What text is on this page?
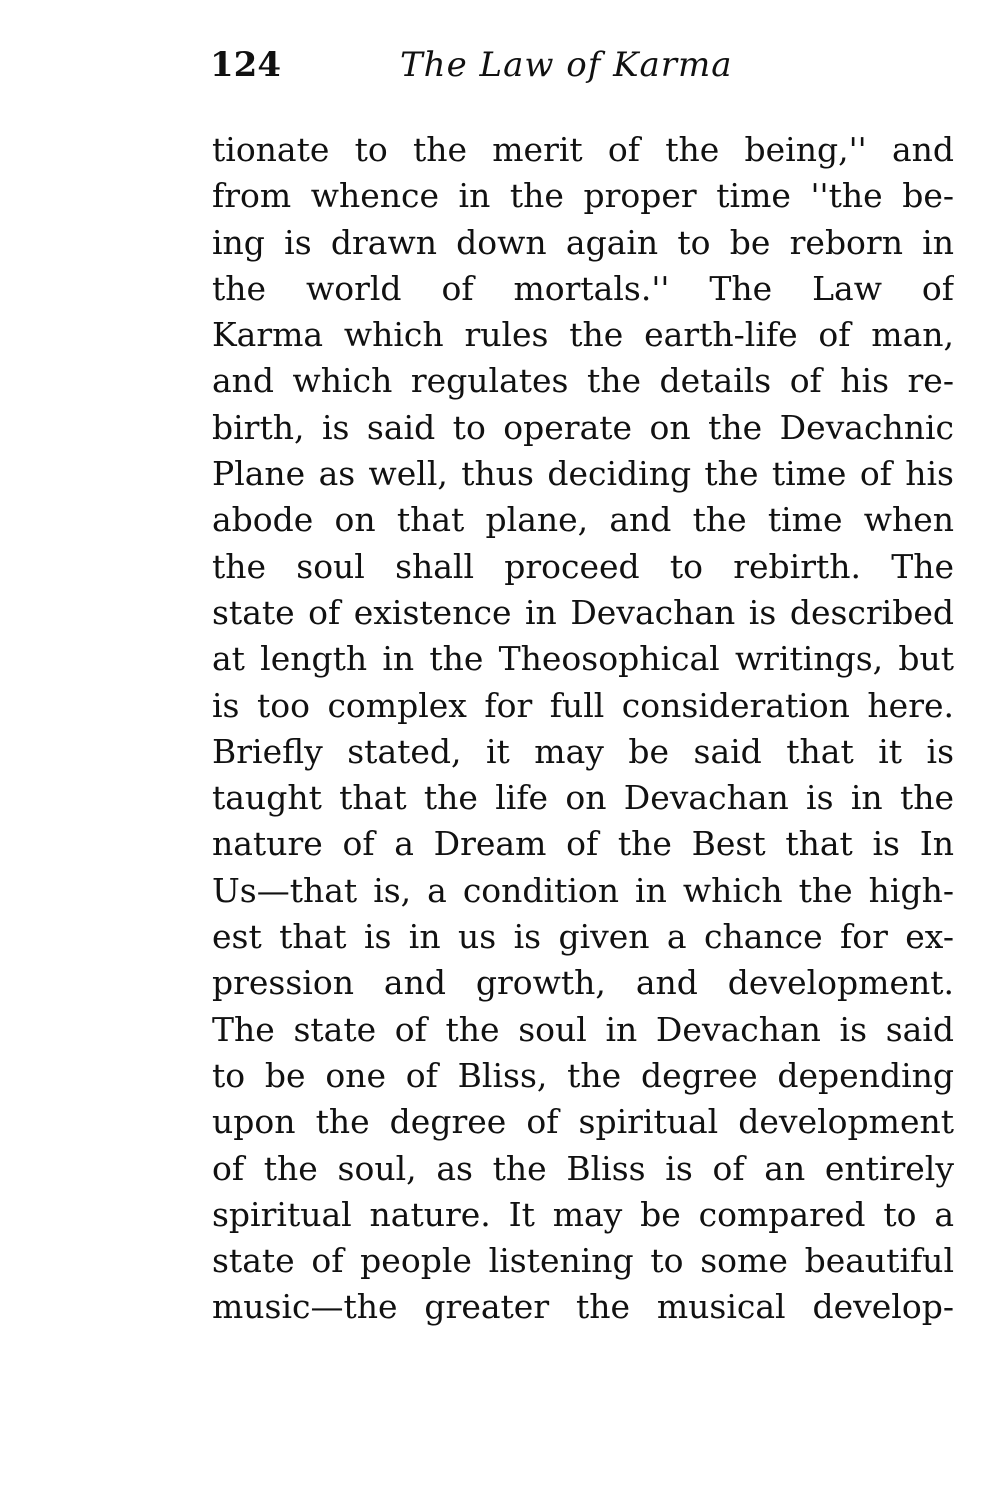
124	The Law of Karma
tionate to the merit of the being,'' and
from whence in the proper time ''the be-
ing is drawn down again to be reborn in
the world of mortals.'' The Law of
Karma which rules the earth-life of man,
and which regulates the details of his re-
birth, is said to operate on the Devachnic
Plane as well, thus deciding the time of his
abode on that plane, and the time when
the soul shall proceed to rebirth. The
state of existence in Devachan is described
at length in the Theosophical writings, but
is too complex for full consideration here.
Briefly stated, it may be said that it is
taught that the life on Devachan is in the
nature of a Dream of the Best that is In
Us—that is, a condition in which the high-
est that is in us is given a chance for ex-
pression and growth, and development.
The state of the soul in Devachan is said
to be one of Bliss, the degree depending
upon the degree of spiritual development
of the soul, as the Bliss is of an entirely
spiritual nature. It may be compared to a
state of people listening to some beautiful
music—the greater the musical develop-
